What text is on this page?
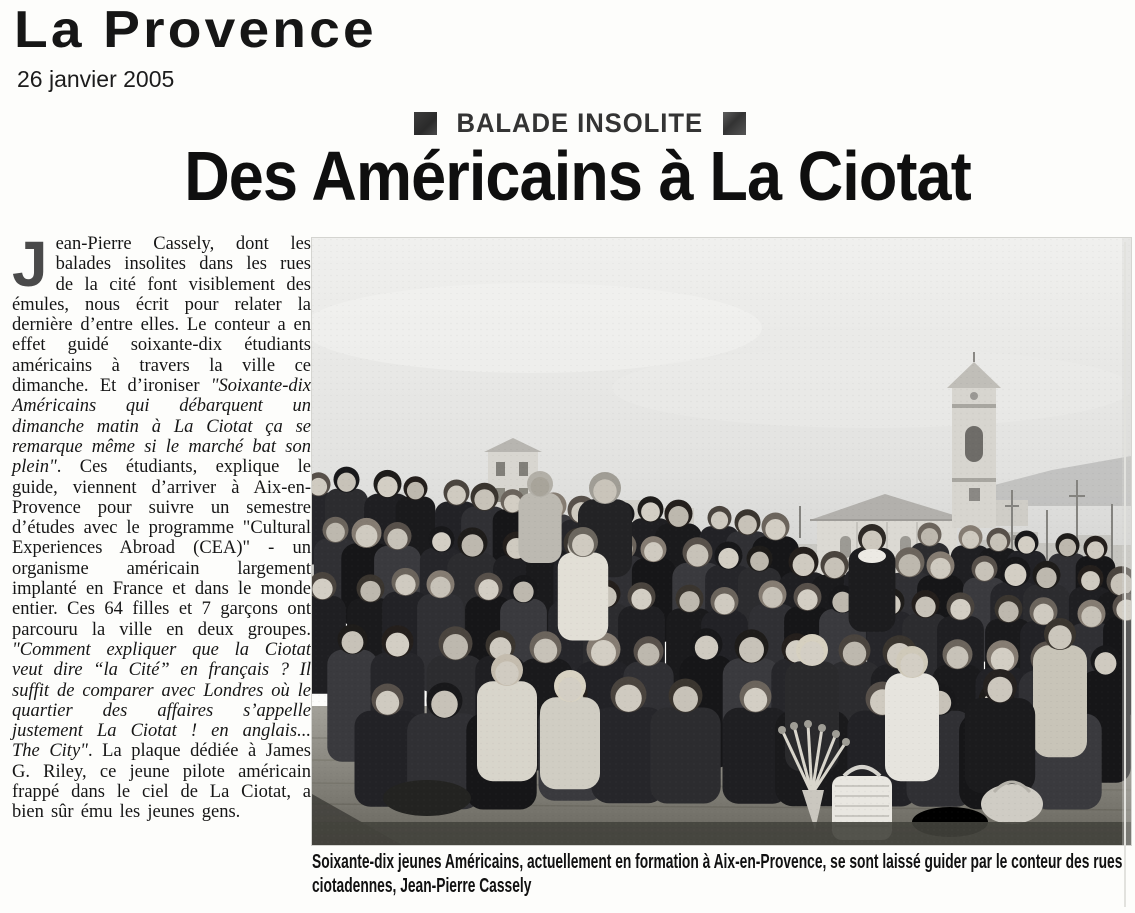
La Provence
26 janvier 2005
BALADE INSOLITE
Des Américains à La Ciotat
Jean-Pierre Cassely, dont les balades insolites dans les rues de la cité font visiblement des émules, nous écrit pour relater la dernière d’entre elles. Le conteur a en effet guidé soixante-dix étudiants américains à travers la ville ce dimanche. Et d’ironiser "Soixante-dix Américains qui débarquent un dimanche matin à La Ciotat ça se remarque même si le marché bat son plein". Ces étudiants, explique le guide, viennent d’arriver à Aix-en-Provence pour suivre un semestre d’études avec le programme "Cultural Experiences Abroad (CEA)" - un organisme américain largement implanté en France et dans le monde entier. Ces 64 filles et 7 garçons ont parcouru la ville en deux groupes. "Comment expliquer que la Ciotat veut dire “la Cité” en français ? Il suffit de comparer avec Londres où le quartier des affaires s’appelle justement La Ciotat ! en anglais... The City". La plaque dédiée à James G. Riley, ce jeune pilote américain frappé dans le ciel de La Ciotat, a bien sûr ému les jeunes gens.
Soixante-dix jeunes Américains, actuellement en formation à Aix-en-Provence, se sont laissé guider par le conteur des rues ciotadennes, Jean-Pierre Cassely
